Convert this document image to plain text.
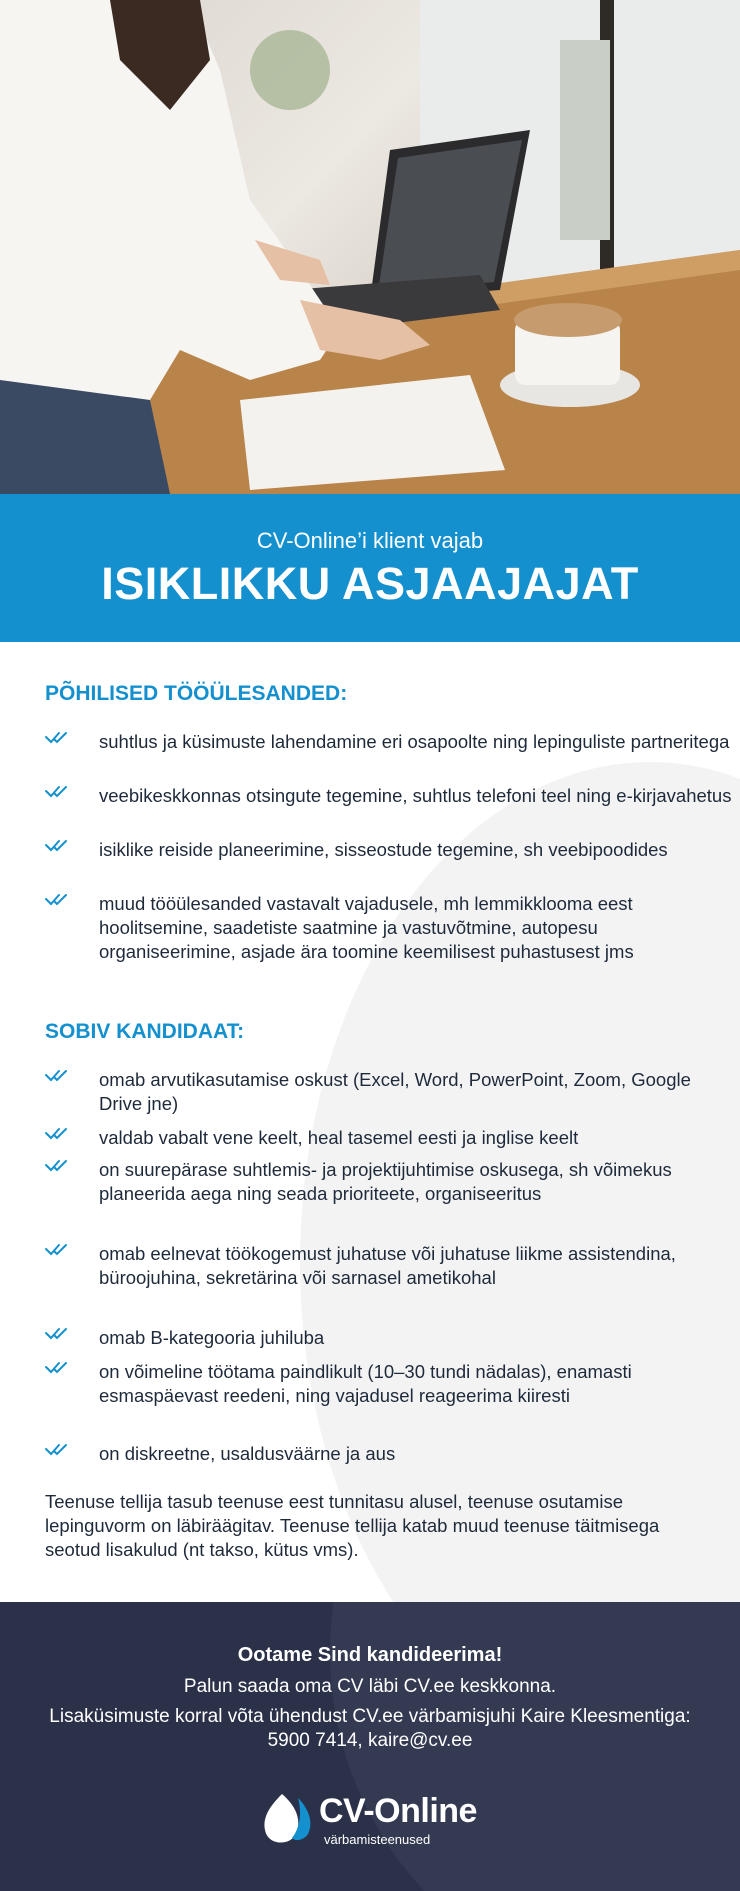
CV-Online’i klient vajab
ISIKLIKKU ASJAAJAJAT
PÕHILISED TÖÖÜLESANDED:
suhtlus ja küsimuste lahendamine eri osapoolte ning lepinguliste partneritega
veebikeskkonnas otsingute tegemine, suhtlus telefoni teel ning e-kirjavahetus
isiklike reiside planeerimine, sisseostude tegemine, sh veebipoodides
muud tööülesanded vastavalt vajadusele, mh lemmikklooma eest hoolitsemine, saadetiste saatmine ja vastuvõtmine, autopesu organiseerimine, asjade ära toomine keemilisest puhastusest jms
SOBIV KANDIDAAT:
omab arvutikasutamise oskust (Excel, Word, PowerPoint, Zoom, Google Drive jne)
valdab vabalt vene keelt, heal tasemel eesti ja inglise keelt
on suurepärase suhtlemis- ja projektijuhtimise oskusega, sh võimekus planeerida aega ning seada prioriteete, organiseeritus
omab eelnevat töökogemust juhatuse või juhatuse liikme assistendina, büroojuhina, sekretärina või sarnasel ametikohal
omab B-kategooria juhiluba
on võimeline töötama paindlikult (10–30 tundi nädalas), enamasti esmaspäevast reedeni, ning vajadusel reageerima kiiresti
on diskreetne, usaldusväärne ja aus
Teenuse tellija tasub teenuse eest tunnitasu alusel, teenuse osutamise lepinguvorm on läbiräägitav. Teenuse tellija katab muud teenuse täitmisega seotud lisakulud (nt takso, kütus vms).
Ootame Sind kandideerima!
Palun saada oma CV läbi CV.ee keskkonna.
Lisaküsimuste korral võta ühendust CV.ee värbamisjuhi Kaire Kleesmentiga: 5900 7414, kaire@cv.ee
CV-Online
värbamisteenused
